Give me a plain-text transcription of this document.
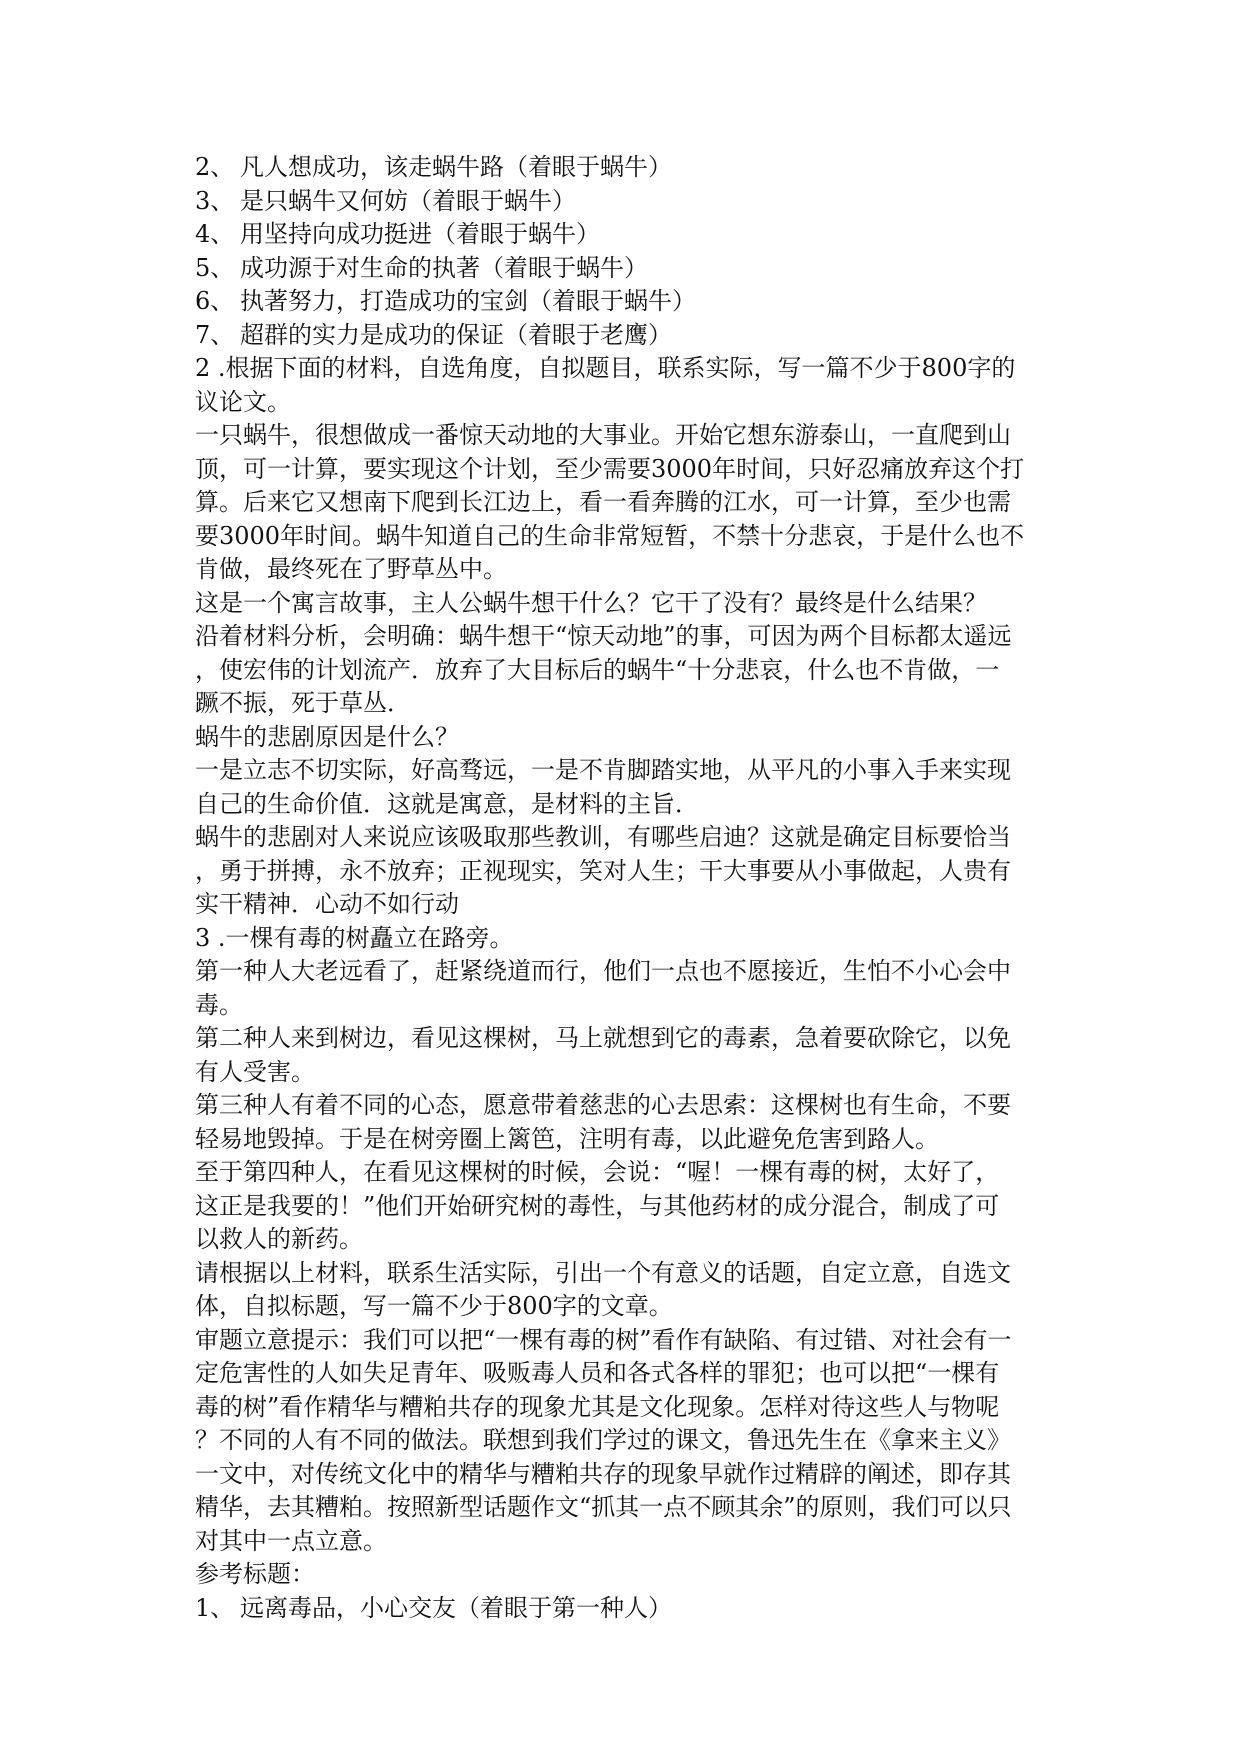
2、 凡人想成功，该走蜗牛路（着眼于蜗牛）
3、 是只蜗牛又何妨（着眼于蜗牛）
4、 用坚持向成功挺进（着眼于蜗牛）
5、 成功源于对生命的执著（着眼于蜗牛）
6、 执著努力，打造成功的宝剑（着眼于蜗牛）
7、 超群的实力是成功的保证（着眼于老鹰）
2 .根据下面的材料，自选角度，自拟题目，联系实际，写一篇不少于800字的
议论文。
一只蜗牛，很想做成一番惊天动地的大事业。开始它想东游泰山，一直爬到山
顶，可一计算，要实现这个计划，至少需要3000年时间，只好忍痛放弃这个打
算。后来它又想南下爬到长江边上，看一看奔腾的江水，可一计算，至少也需
要3000年时间。蜗牛知道自己的生命非常短暂，不禁十分悲哀，于是什么也不
肯做，最终死在了野草丛中。
这是一个寓言故事，主人公蜗牛想干什么？它干了没有？最终是什么结果？
沿着材料分析，会明确：蜗牛想干“惊天动地”的事，可因为两个目标都太遥远
，使宏伟的计划流产．放弃了大目标后的蜗牛“十分悲哀，什么也不肯做，一
蹶不振，死于草丛．
蜗牛的悲剧原因是什么？
一是立志不切实际，好高骛远，一是不肯脚踏实地，从平凡的小事入手来实现
自己的生命价值．这就是寓意，是材料的主旨．
蜗牛的悲剧对人来说应该吸取那些教训，有哪些启迪？这就是确定目标要恰当
，勇于拼搏，永不放弃；正视现实，笑对人生；干大事要从小事做起，人贵有
实干精神．心动不如行动
3 .一棵有毒的树矗立在路旁。
第一种人大老远看了，赶紧绕道而行，他们一点也不愿接近，生怕不小心会中
毒。
第二种人来到树边，看见这棵树，马上就想到它的毒素，急着要砍除它，以免
有人受害。
第三种人有着不同的心态，愿意带着慈悲的心去思索：这棵树也有生命，不要
轻易地毁掉。于是在树旁圈上篱笆，注明有毒，以此避免危害到路人。
至于第四种人，在看见这棵树的时候，会说：“喔！一棵有毒的树，太好了，
这正是我要的！”他们开始研究树的毒性，与其他药材的成分混合，制成了可
以救人的新药。
请根据以上材料，联系生活实际，引出一个有意义的话题，自定立意，自选文
体，自拟标题，写一篇不少于800字的文章。
审题立意提示：我们可以把“一棵有毒的树”看作有缺陷、有过错、对社会有一
定危害性的人如失足青年、吸贩毒人员和各式各样的罪犯；也可以把“一棵有
毒的树”看作精华与糟粕共存的现象尤其是文化现象。怎样对待这些人与物呢
？不同的人有不同的做法。联想到我们学过的课文，鲁迅先生在《拿来主义》
一文中，对传统文化中的精华与糟粕共存的现象早就作过精辟的阐述，即存其
精华，去其糟粕。按照新型话题作文“抓其一点不顾其余”的原则，我们可以只
对其中一点立意。
参考标题：
1、 远离毒品，小心交友（着眼于第一种人）
